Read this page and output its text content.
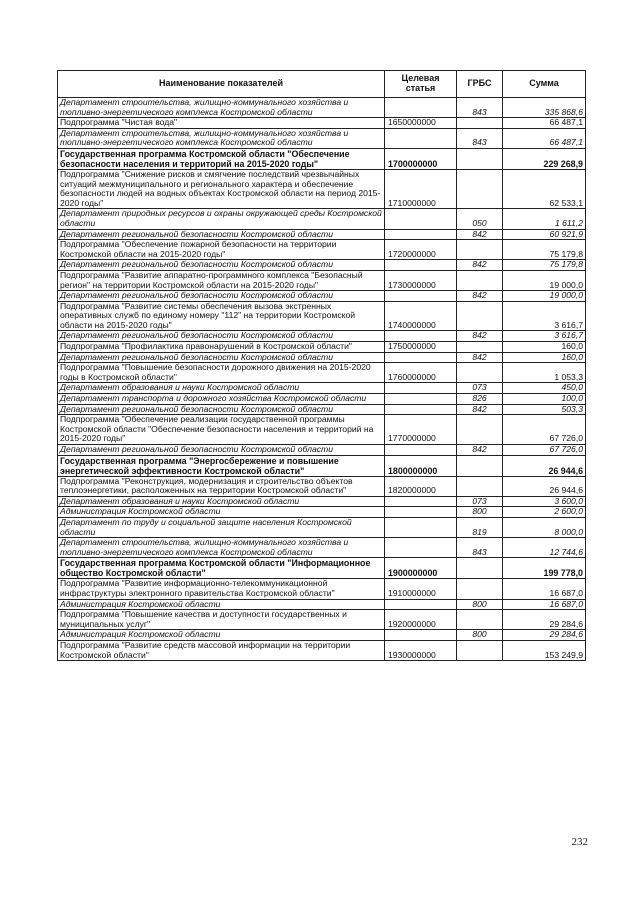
Наименование показателей	Целевая статья	ГРБС	Сумма
Департамент строительства, жилищно-коммунального хозяйства и топливно-энергетического комплекса Костромской области		843	335 868,6
Подпрограмма "Чистая вода"	1650000000		66 487,1
Департамент строительства, жилищно-коммунального хозяйства и топливно-энергетического комплекса Костромской области		843	66 487,1
Государственная программа Костромской области "Обеспечение безопасности населения и территорий на 2015-2020 годы"	1700000000		229 268,9
Подпрограмма "Снижение рисков и смягчение последствий чрезвычайных ситуаций межмуниципального и регионального характера и обеспечение безопасности людей на водных объектах Костромской области на период 2015-2020 годы"	1710000000		62 533,1
Департамент природных ресурсов и охраны окружающей среды Костромской области		050	1 611,2
Департамент региональной безопасности Костромской области		842	60 921,9
Подпрограмма "Обеспечение пожарной безопасности на территории Костромской области на 2015-2020 годы"	1720000000		75 179,8
Департамент региональной безопасности Костромской области		842	75 179,8
Подпрограмма "Развитие аппаратно-программного комплекса "Безопасный регион" на территории Костромской области на 2015-2020 годы"	1730000000		19 000,0
Департамент региональной безопасности Костромской области		842	19 000,0
Подпрограмма "Развитие системы обеспечения вызова экстренных оперативных служб по единому номеру "112" на территории Костромской области на 2015-2020 годы"	1740000000		3 616,7
Департамент региональной безопасности Костромской области		842	3 616,7
Подпрограмма "Профилактика правонарушений в Костромской области"	1750000000		160,0
Департамент региональной безопасности Костромской области		842	160,0
Подпрограмма "Повышение безопасности дорожного движения на 2015-2020 годы в Костромской области"	1760000000		1 053,3
Департамент образования и науки Костромской области		073	450,0
Департамент транспорта и дорожного хозяйства Костромской области		826	100,0
Департамент региональной безопасности Костромской области		842	503,3
Подпрограмма "Обеспечение реализации государственной программы Костромской области "Обеспечение безопасности населения и территорий на 2015-2020 годы"	1770000000		67 726,0
Департамент региональной безопасности Костромской области		842	67 726,0
Государственная программа "Энергосбережение и повышение энергетической эффективности Костромской области"	1800000000		26 944,6
Подпрограмма "Реконструкция, модернизация и строительство объектов теплоэнергетики, расположенных на территории Костромской области"	1820000000		26 944,6
Департамент образования и науки Костромской области		073	3 600,0
Администрация Костромской области		800	2 600,0
Департамент по труду и социальной защите населения Костромской области		819	8 000,0
Департамент строительства, жилищно-коммунального хозяйства и топливно-энергетического комплекса Костромской области		843	12 744,6
Государственная программа Костромской области "Информационное общество Костромской области"	1900000000		199 778,0
Подпрограмма "Развитие информационно-телекоммуникационной инфраструктуры электронного правительства Костромской области"	1910000000		16 687,0
Администрация Костромской области		800	16 687,0
Подпрограмма "Повышение качества и доступности государственных и муниципальных услуг"	1920000000		29 284,6
Администрация Костромской области		800	29 284,6
Подпрограмма "Развитие средств массовой информации на территории Костромской области"	1930000000		153 249,9
232
